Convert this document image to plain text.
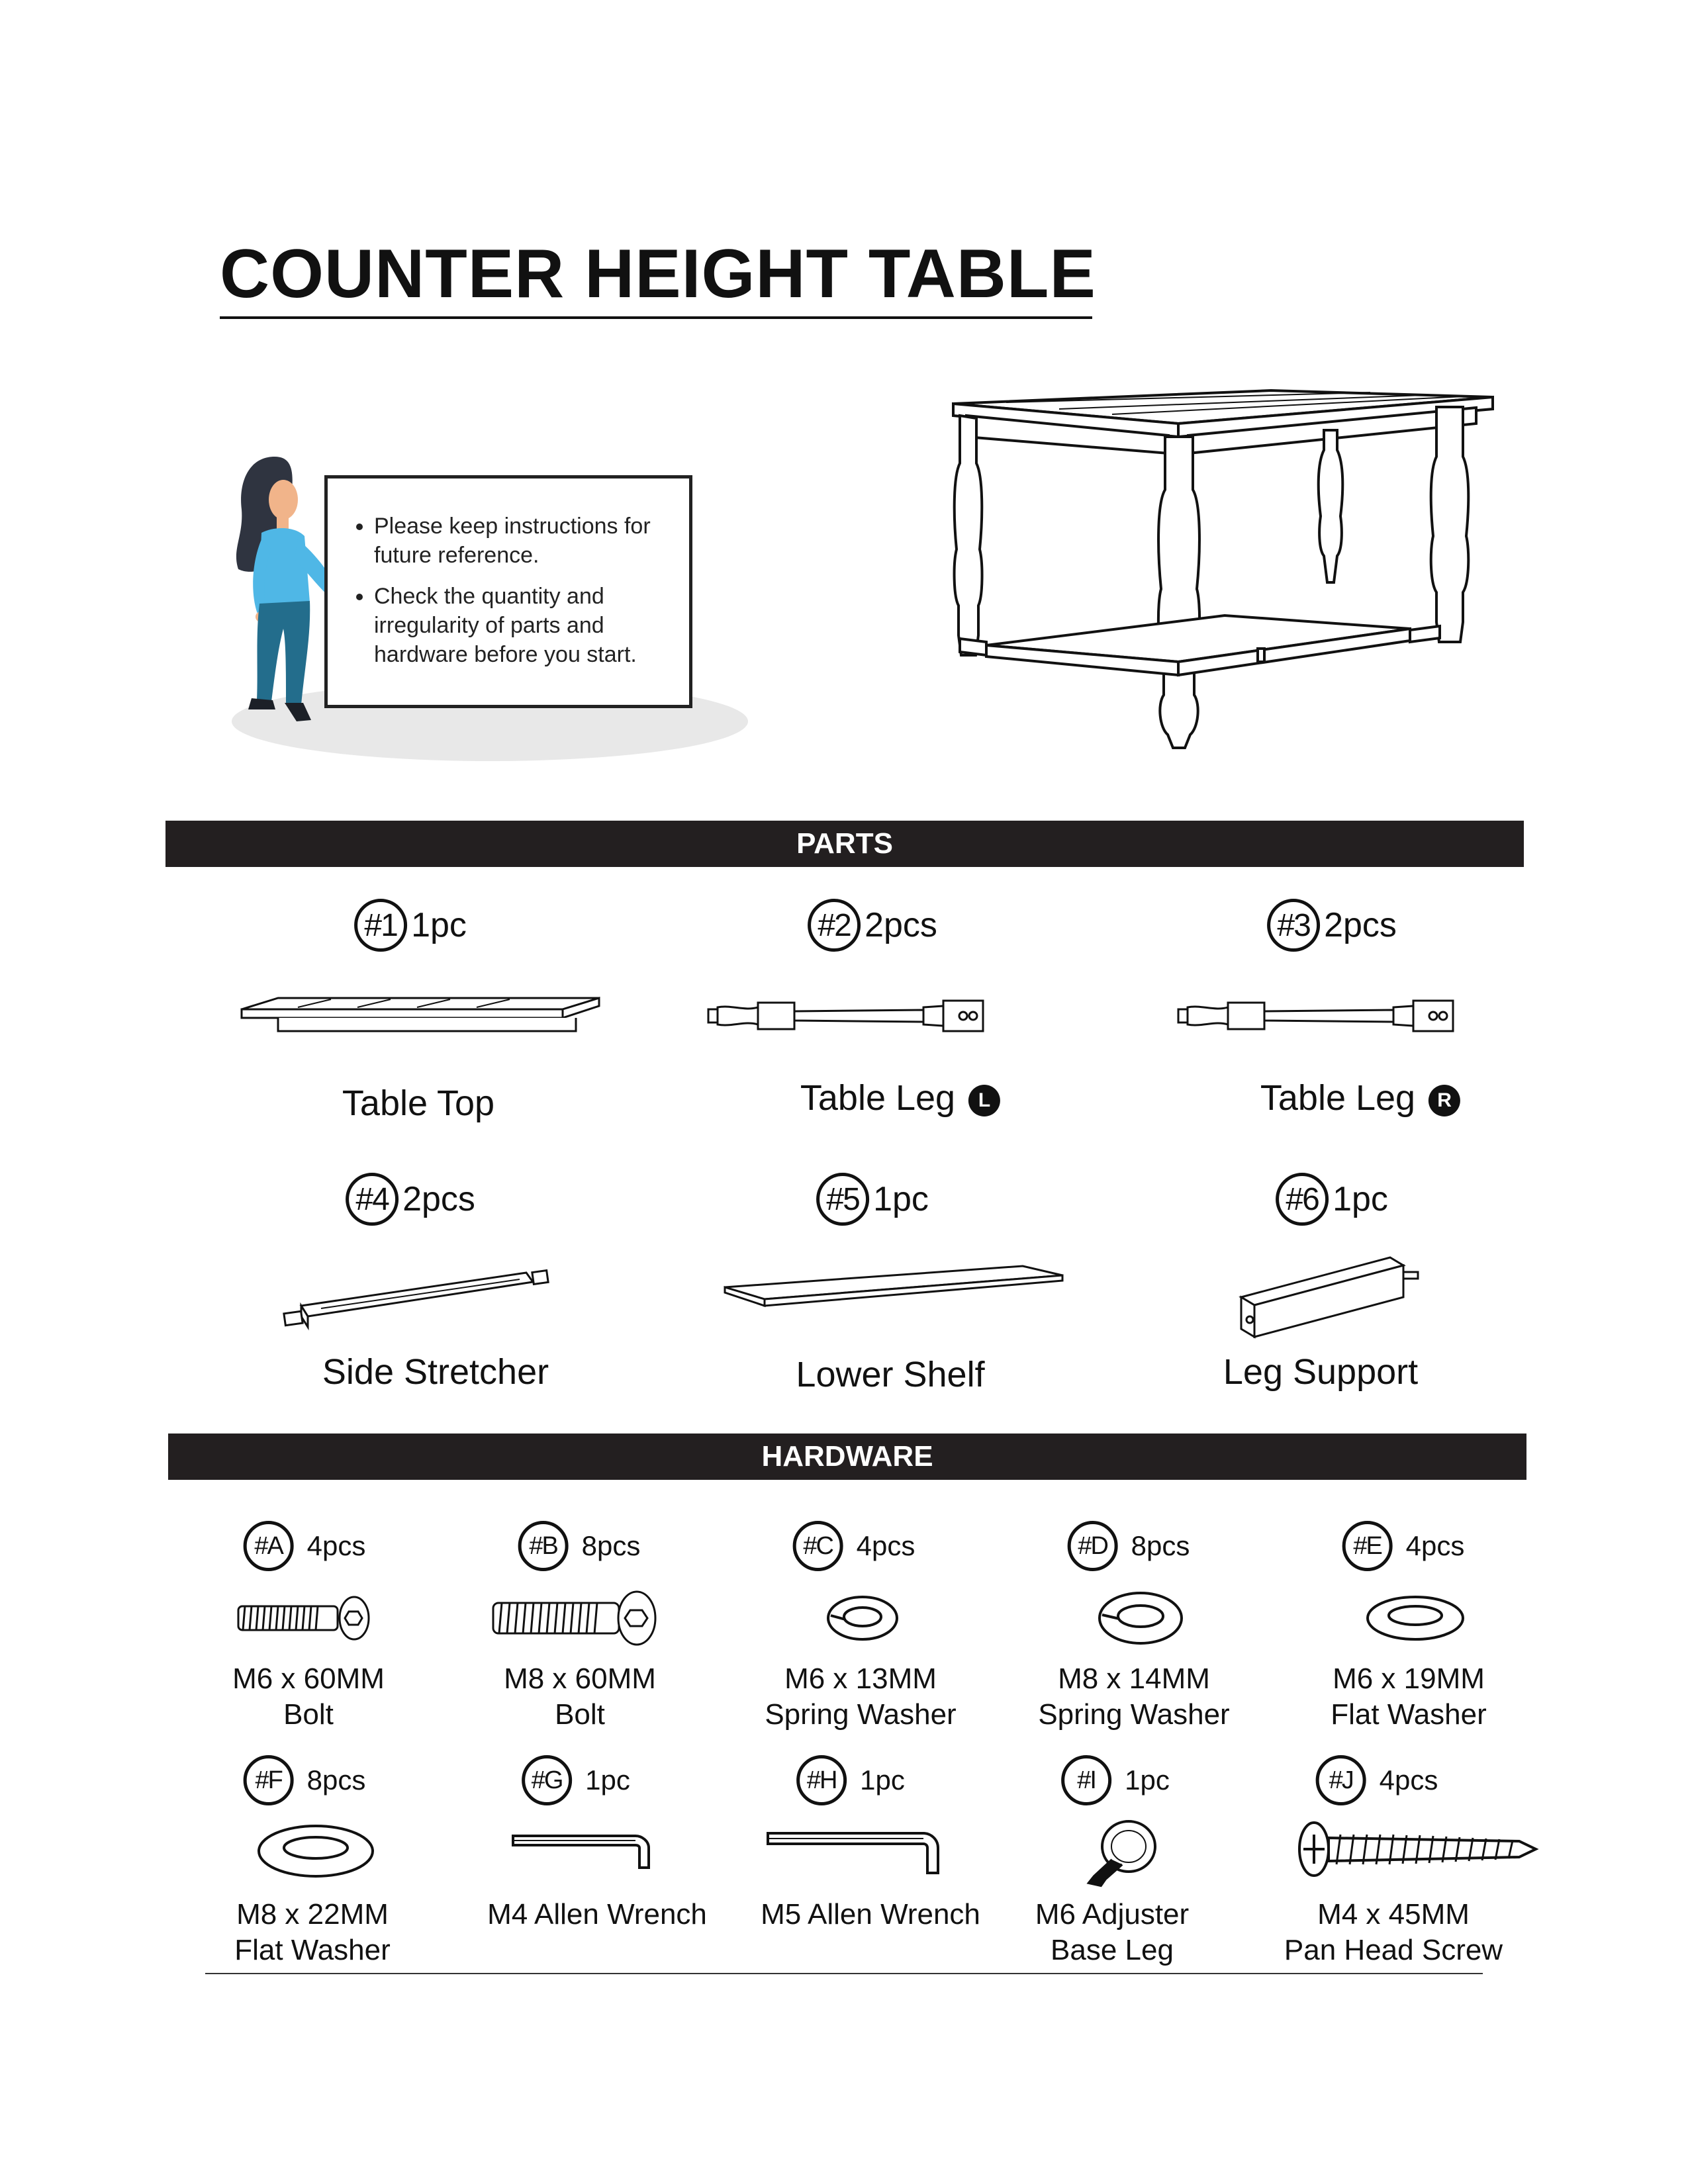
COUNTER HEIGHT TABLE
• Please keep instructions for future reference.
• Check the quantity and irregularity of parts and hardware before you start.
PARTS
#1 1pc
Table Top
#2 2pcs
Table Leg L
#3 2pcs
Table Leg R
#4 2pcs
Side Stretcher
#5 1pc
Lower Shelf
#6 1pc
Leg Support
HARDWARE
#A 4pcs
M6 x 60MM
Bolt
#B 8pcs
M8 x 60MM
Bolt
#C 4pcs
M6 x 13MM
Spring Washer
#D 8pcs
M8 x 14MM
Spring Washer
#E 4pcs
M6 x 19MM
Flat Washer
#F 8pcs
M8 x 22MM
Flat Washer
#G 1pc
M4 Allen Wrench
#H 1pc
M5 Allen Wrench
#I	1pc
M6 Adjuster
Base Leg
#J 4pcs
M4 x 45MM
Pan Head Screw
